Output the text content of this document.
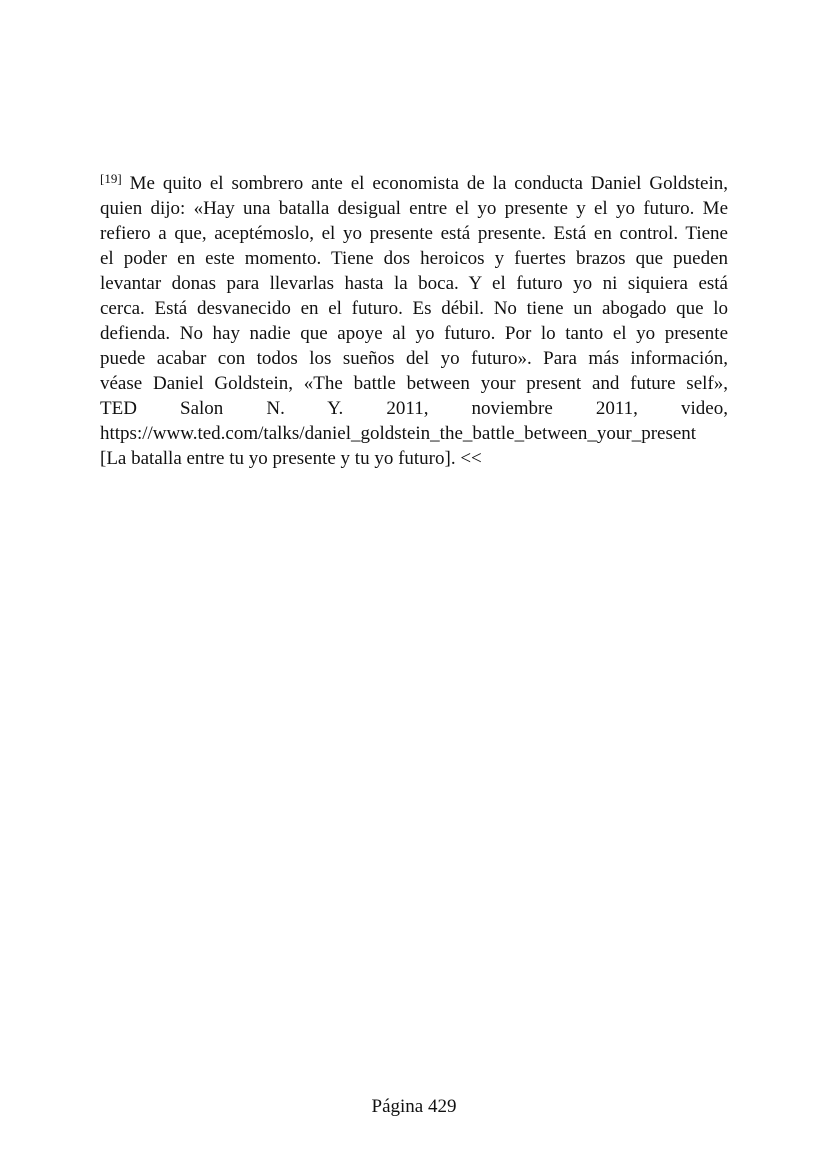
[19] Me quito el sombrero ante el economista de la conducta Daniel Goldstein,
quien dijo: «Hay una batalla desigual entre el yo presente y el yo futuro. Me
refiero a que, aceptémoslo, el yo presente está presente. Está en control. Tiene
el poder en este momento. Tiene dos heroicos y fuertes brazos que pueden
levantar donas para llevarlas hasta la boca. Y el futuro yo ni siquiera está
cerca. Está desvanecido en el futuro. Es débil. No tiene un abogado que lo
defienda. No hay nadie que apoye al yo futuro. Por lo tanto el yo presente
puede acabar con todos los sueños del yo futuro». Para más información,
véase Daniel Goldstein, «The battle between your present and future self»,
TED Salon N. Y. 2011, noviembre 2011, video,
https://www.ted.com/talks/daniel_goldstein_the_battle_between_your_present
[La batalla entre tu yo presente y tu yo futuro]. <<
Página 429
